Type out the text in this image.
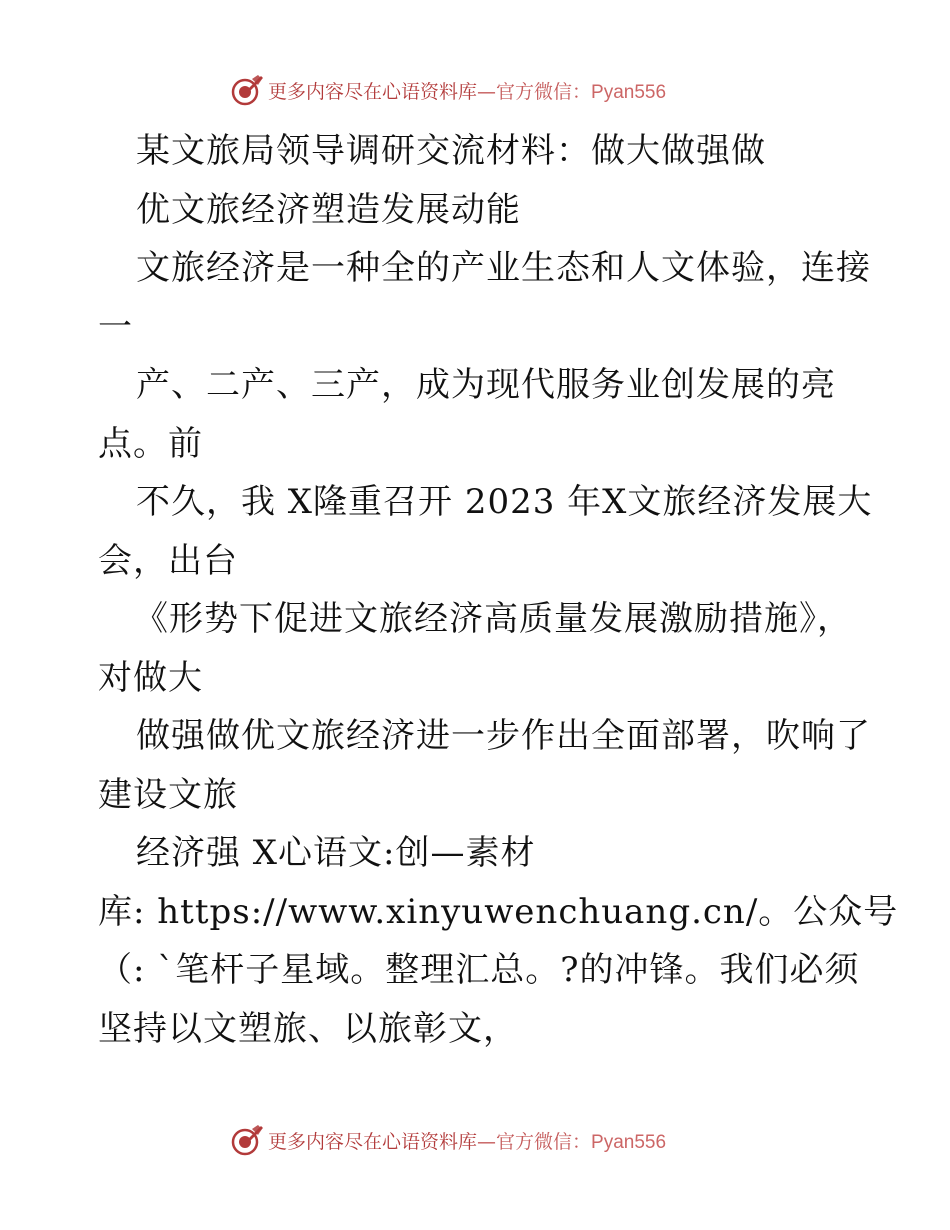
更多内容尽在心语资料库—官方微信：Pyan556
某文旅局领导调研交流材料：做大做强做
优文旅经济塑造发展动能
文旅经济是一种全的产业生态和人文体验，连接
一
产、二产、三产，成为现代服务业创发展的亮
点。前
不久，我 X隆重召开 2023 年X文旅经济发展大
会，出台
《形势下促进文旅经济高质量发展激励措施》，
对做大
做强做优文旅经济进一步作出全面部署，吹响了
建设文旅
经济强 X心语文:创—素材
库: https://www.xinyuwenchuang.cn/。公众号
（: `笔杆子星域。整理汇总。?的冲锋。我们必须
坚持以文塑旅、以旅彰文，
更多内容尽在心语资料库—官方微信：Pyan556
